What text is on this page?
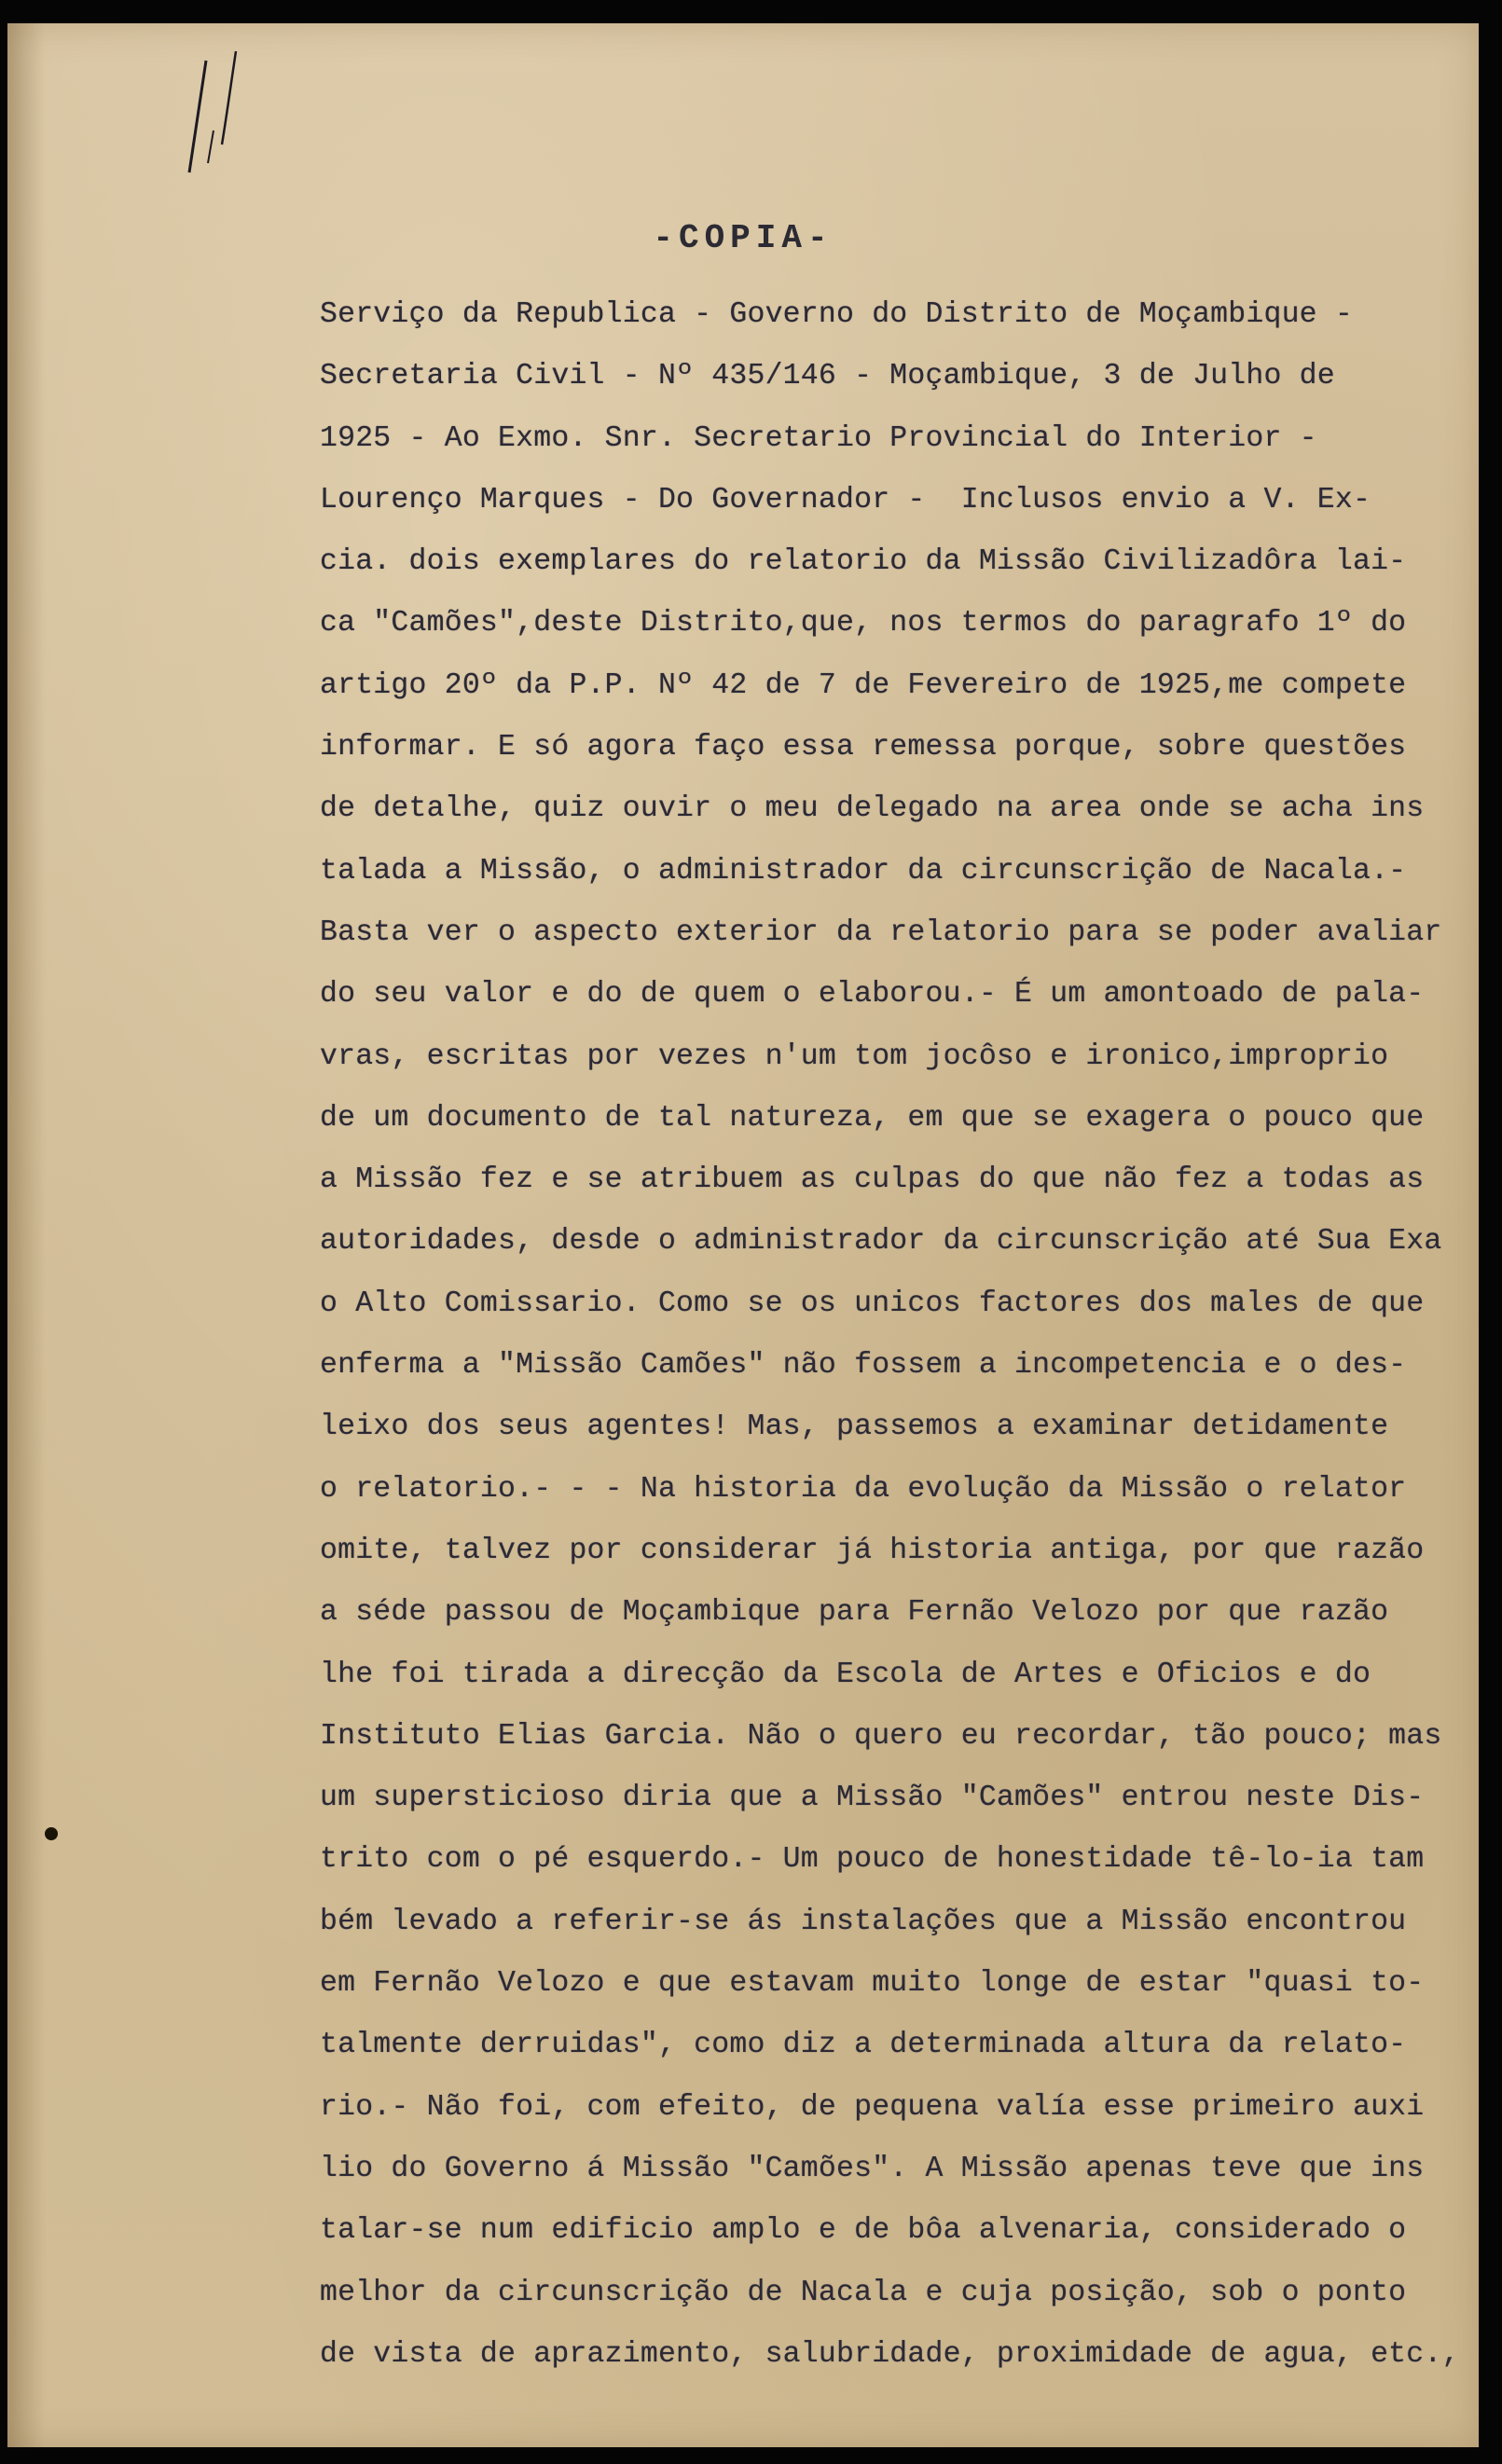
-COPIA-
Serviço da Republica - Governo do Distrito de Moçambique -
Secretaria Civil - Nº 435/146 - Moçambique, 3 de Julho de
1925 - Ao Exmo. Snr. Secretario Provincial do Interior -
Lourenço Marques - Do Governador -  Inclusos envio a V. Ex-
cia. dois exemplares do relatorio da Missão Civilizadôra lai-
ca "Camões",deste Distrito,que, nos termos do paragrafo 1º do
artigo 20º da P.P. Nº 42 de 7 de Fevereiro de 1925,me compete
informar. E só agora faço essa remessa porque, sobre questões
de detalhe, quiz ouvir o meu delegado na area onde se acha ins
talada a Missão, o administrador da circunscrição de Nacala.-
Basta ver o aspecto exterior da relatorio para se poder avaliar
do seu valor e do de quem o elaborou.- É um amontoado de pala-
vras, escritas por vezes n'um tom jocôso e ironico,improprio
de um documento de tal natureza, em que se exagera o pouco que
a Missão fez e se atribuem as culpas do que não fez a todas as
autoridades, desde o administrador da circunscrição até Sua Exa
o Alto Comissario. Como se os unicos factores dos males de que
enferma a "Missão Camões" não fossem a incompetencia e o des-
leixo dos seus agentes! Mas, passemos a examinar detidamente
o relatorio.- - - Na historia da evolução da Missão o relator
omite, talvez por considerar já historia antiga, por que razão
a séde passou de Moçambique para Fernão Velozo por que razão
lhe foi tirada a direcção da Escola de Artes e Oficios e do
Instituto Elias Garcia. Não o quero eu recordar, tão pouco; mas
um supersticioso diria que a Missão "Camões" entrou neste Dis-
trito com o pé esquerdo.- Um pouco de honestidade tê-lo-ia tam
bém levado a referir-se ás instalações que a Missão encontrou
em Fernão Velozo e que estavam muito longe de estar "quasi to-
talmente derruidas", como diz a determinada altura da relato-
rio.- Não foi, com efeito, de pequena valía esse primeiro auxi
lio do Governo á Missão "Camões". A Missão apenas teve que ins
talar-se num edificio amplo e de bôa alvenaria, considerado o
melhor da circunscrição de Nacala e cuja posição, sob o ponto
de vista de aprazimento, salubridade, proximidade de agua, etc.,
